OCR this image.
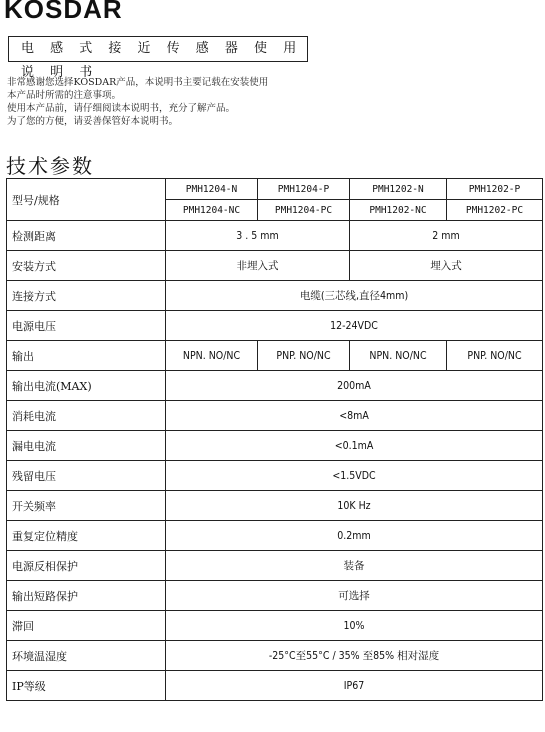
KOSDAR
电 感 式 接 近 传 感 器 使 用 说 明 书

非常感谢您选择KOSDAR产品，本说明书主要记载在安装使用

本产品时所需的注意事项。

使用本产品前，请仔细阅读本说明书，充分了解产品。

为了您的方便，请妥善保管好本说明书。

技术参数
型号/规格	PMH1204-N	PMH1204-P	PMH1202-N	PMH1202-P
	PMH1204-NC	PMH1204-PC	PMH1202-NC	PMH1202-PC
检测距离	3 . 5 mm		2 mm	
安装方式	非埋入式		埋入式	
连接方式	电缆(三芯线,直径4mm)			
电源电压	12-24VDC			
输出	NPN. NO/NC	PNP. NO/NC	NPN. NO/NC	PNP. NO/NC
输出电流(MAX)	200mA			
消耗电流	<8mA			
漏电电流	<0.1mA			
残留电压	<1.5VDC			
开关频率	10K Hz			
重复定位精度	0.2mm			
电源反相保护	装备			
输出短路保护	可选择			
滞回	10%			
环境温湿度	-25°C至55°C / 35% 至85% 相对湿度			
IP等级	IP67			
